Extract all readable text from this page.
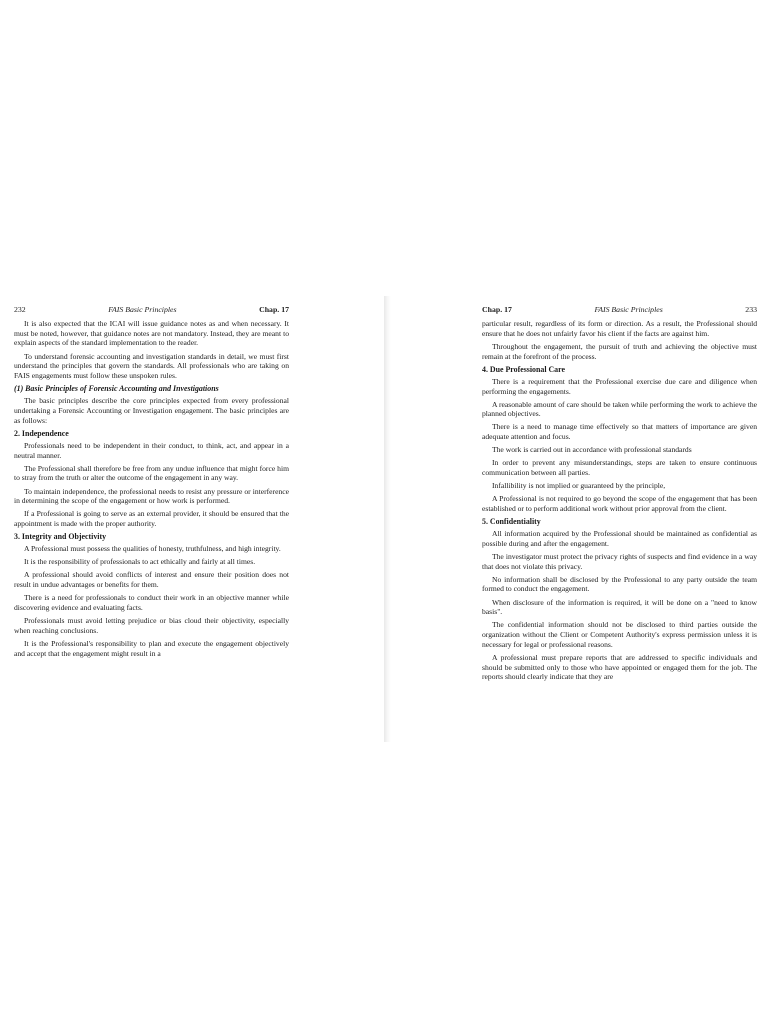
232	FAIS Basic Principles	Chap. 17

It is also expected that the ICAI will issue guidance notes as and when necessary. It must be noted, however, that guidance notes are not mandatory. Instead, they are meant to explain aspects of the standard implementation to the reader.

To understand forensic accounting and investigation standards in detail, we must first understand the principles that govern the standards. All professionals who are taking on FAIS engagements must follow these unspoken rules.

(1) Basic Principles of Forensic Accounting and Investigations

The basic principles describe the core principles expected from every professional undertaking a Forensic Accounting or Investigation engagement. The basic principles are as follows:

2. Independence

Professionals need to be independent in their conduct, to think, act, and appear in a neutral manner.

The Professional shall therefore be free from any undue influence that might force him to stray from the truth or alter the outcome of the engagement in any way.

To maintain independence, the professional needs to resist any pressure or interference in determining the scope of the engagement or how work is performed.

If a Professional is going to serve as an external provider, it should be ensured that the appointment is made with the proper authority.

3. Integrity and Objectivity

A Professional must possess the qualities of honesty, truthfulness, and high integrity.

It is the responsibility of professionals to act ethically and fairly at all times.

A professional should avoid conflicts of interest and ensure their position does not result in undue advantages or benefits for them.

There is a need for professionals to conduct their work in an objective manner while discovering evidence and evaluating facts.

Professionals must avoid letting prejudice or bias cloud their objectivity, especially when reaching conclusions.

It is the Professional's responsibility to plan and execute the engagement objectively and accept that the engagement might result in a

Chap. 17	FAIS Basic Principles	233

particular result, regardless of its form or direction. As a result, the Professional should ensure that he does not unfairly favor his client if the facts are against him.

Throughout the engagement, the pursuit of truth and achieving the objective must remain at the forefront of the process.

4. Due Professional Care

There is a requirement that the Professional exercise due care and diligence when performing the engagements.

A reasonable amount of care should be taken while performing the work to achieve the planned objectives.

There is a need to manage time effectively so that matters of importance are given adequate attention and focus.

The work is carried out in accordance with professional standards

In order to prevent any misunderstandings, steps are taken to ensure continuous communication between all parties.

Infallibility is not implied or guaranteed by the principle,

A Professional is not required to go beyond the scope of the engagement that has been established or to perform additional work without prior approval from the client.

5. Confidentiality

All information acquired by the Professional should be maintained as confidential as possible during and after the engagement.

The investigator must protect the privacy rights of suspects and find evidence in a way that does not violate this privacy.

No information shall be disclosed by the Professional to any party outside the team formed to conduct the engagement.

When disclosure of the information is required, it will be done on a "need to know basis".

The confidential information should not be disclosed to third parties outside the organization without the Client or Competent Authority's express permission unless it is necessary for legal or professional reasons.

A professional must prepare reports that are addressed to specific individuals and should be submitted only to those who have appointed or engaged them for the job. The reports should clearly indicate that they are
